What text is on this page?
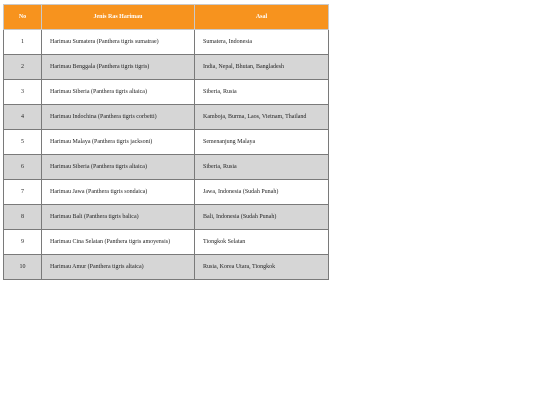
No	Jenis Ras Harimau	Asal
1	Harimau Sumatera (Panthera tigris sumatrae)	Sumatera, Indonesia
2	Harimau Benggala (Panthera tigris tigris)	India, Nepal, Bhutan, Bangladesh
3	Harimau Siberia (Panthera tigris altaica)	Siberia, Rusia
4	Harimau Indochina (Panthera tigris corbetti)	Kamboja, Burma, Laos, Vietnam, Thailand
5	Harimau Malaya (Panthera tigris jacksoni)	Semenanjung Malaya
6	Harimau Siberia (Panthera tigris altaica)	Siberia, Rusia
7	Harimau Jawa (Panthera tigris sondaica)	Jawa, Indonesia (Sudah Punah)
8	Harimau Bali (Panthera tigris balica)	Bali, Indonesia (Sudah Punah)
9	Harimau Cina Selatan (Panthera tigris amoyensis)	Tiongkok Selatan
10	Harimau Amur (Panthera tigris altaica)	Rusia, Korea Utara, Tiongkok
